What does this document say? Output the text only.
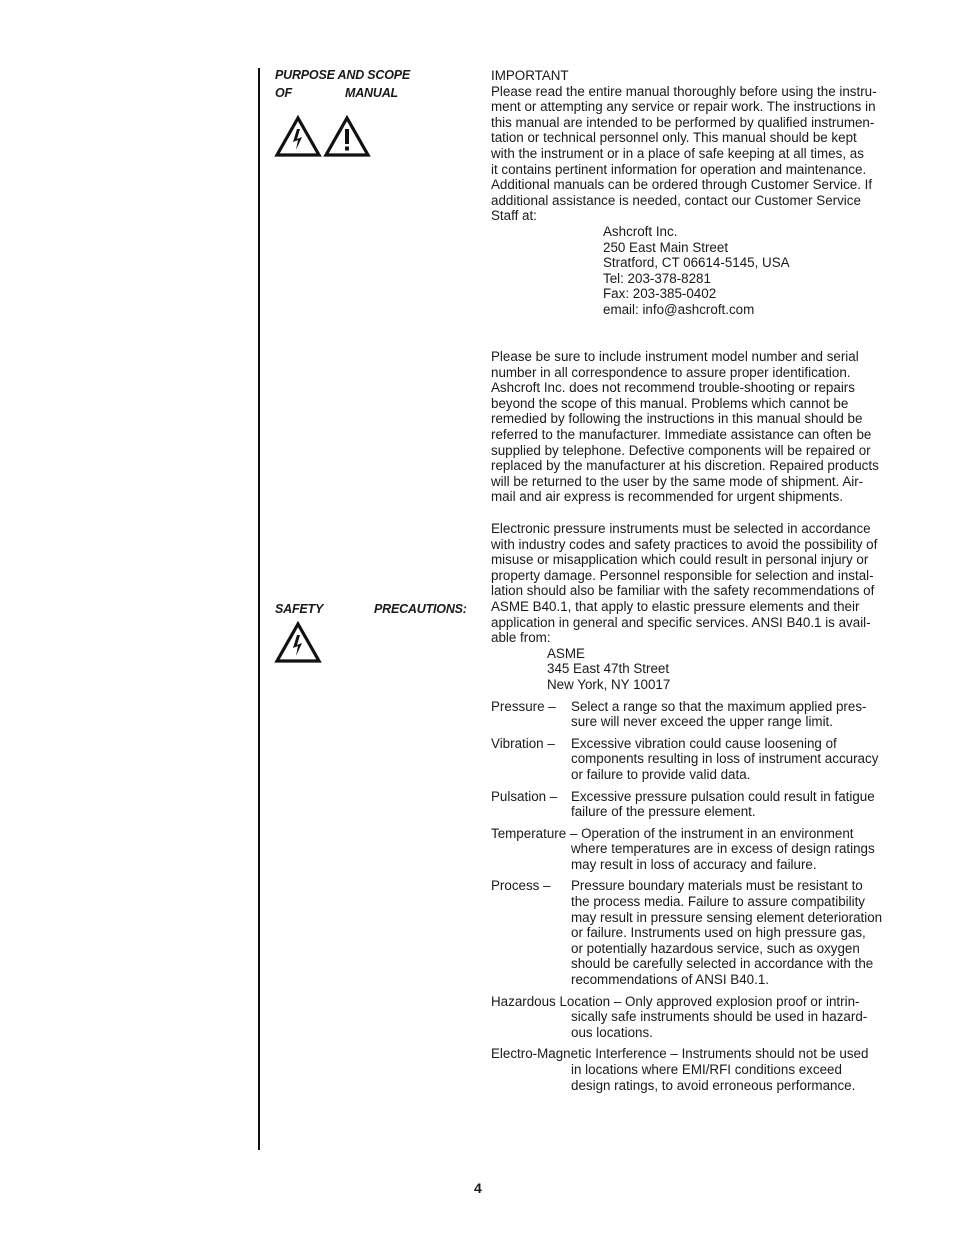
PURPOSE AND SCOPE
OF	MANUAL
SAFETY	PRECAUTIONS:

IMPORTANT

Please read the entire manual thoroughly before using the instru-
ment or attempting any service or repair work. The instructions in
this manual are intended to be performed by qualified instrumen-
tation or technical personnel only. This manual should be kept
with the instrument or in a place of safe keeping at all times, as
it contains pertinent information for operation and maintenance.
Additional manuals can be ordered through Customer Service. If
additional assistance is needed, contact our Customer Service
Staff at:
Ashcroft Inc.
250 East Main Street
Stratford, CT 06614-5145, USA
Tel: 203-378-8281
Fax: 203-385-0402
email: info@ashcroft.com
Please be sure to include instrument model number and serial
number in all correspondence to assure proper identification.
Ashcroft Inc. does not recommend trouble-shooting or repairs
beyond the scope of this manual. Problems which cannot be
remedied by following the instructions in this manual should be
referred to the manufacturer. Immediate assistance can often be
supplied by telephone. Defective components will be repaired or
replaced by the manufacturer at his discretion. Repaired products
will be returned to the user by the same mode of shipment. Air-
mail and air express is recommended for urgent shipments.
Electronic pressure instruments must be selected in accordance
with industry codes and safety practices to avoid the possibility of
misuse or misapplication which could result in personal injury or
property damage. Personnel responsible for selection and instal-
lation should also be familiar with the safety recommendations of
ASME B40.1, that apply to elastic pressure elements and their
application in general and specific services. ANSI B40.1 is avail-
able from:
ASME
345 East 47th Street
New York, NY 10017
Pressure –	Select a range so that the maximum applied pres-
sure will never exceed the upper range limit.
Vibration –	Excessive vibration could cause loosening of
components resulting in loss of instrument accuracy
or failure to provide valid data.
Pulsation –	Excessive pressure pulsation could result in fatigue
failure of the pressure element.
Temperature – Operation of the instrument in an environment
where temperatures are in excess of design ratings
may result in loss of accuracy and failure.
Process –	Pressure boundary materials must be resistant to
the process media. Failure to assure compatibility
may result in pressure sensing element deterioration
or failure. Instruments used on high pressure gas,
or potentially hazardous service, such as oxygen
should be carefully selected in accordance with the
recommendations of ANSI B40.1.
Hazardous Location – Only approved explosion proof or intrin-
sically safe instruments should be used in hazard-
ous locations.
Electro-Magnetic Interference – Instruments should not be used
in locations where EMI/RFI conditions exceed
design ratings, to avoid erroneous performance.
4
